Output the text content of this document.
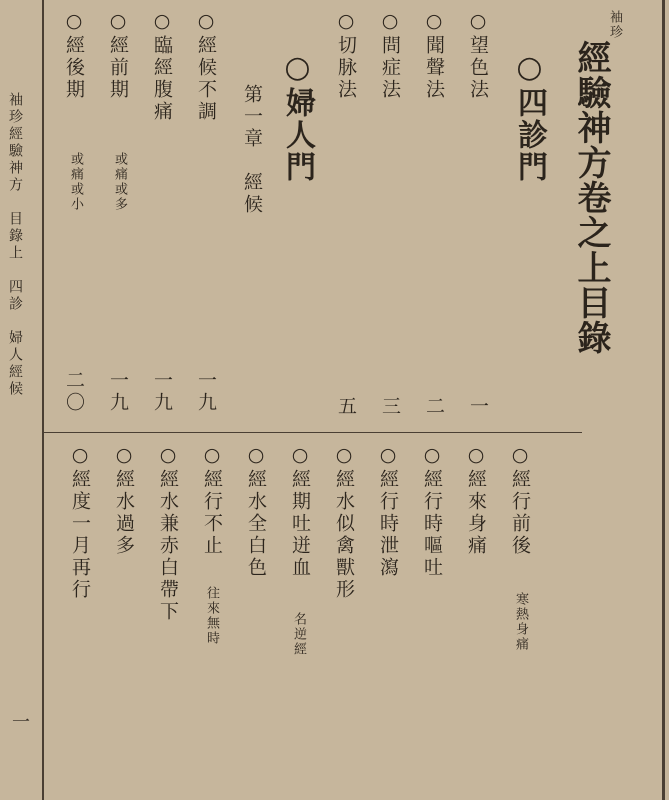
袖珍經驗神方　目錄上　四診　婦人經候
一
袖珍
經驗神方卷之上目錄
○四診門
○望色法
一
○聞聲法
二
○問症法
三
○切脉法
五
○婦人門
第一章　經候
○經候不調
一九
○臨經腹痛
一九
○經前期
或痛或多
一九
○經後期
或痛或小
二〇
○經行前後
寒熱身痛
○經來身痛
○經行時嘔吐
○經行時泄瀉
○經水似禽獸形
○經期吐迸血
名逆經
○經水全白色
○經行不止
往來無時
○經水兼赤白帶下
○經水過多
○經度一月再行
